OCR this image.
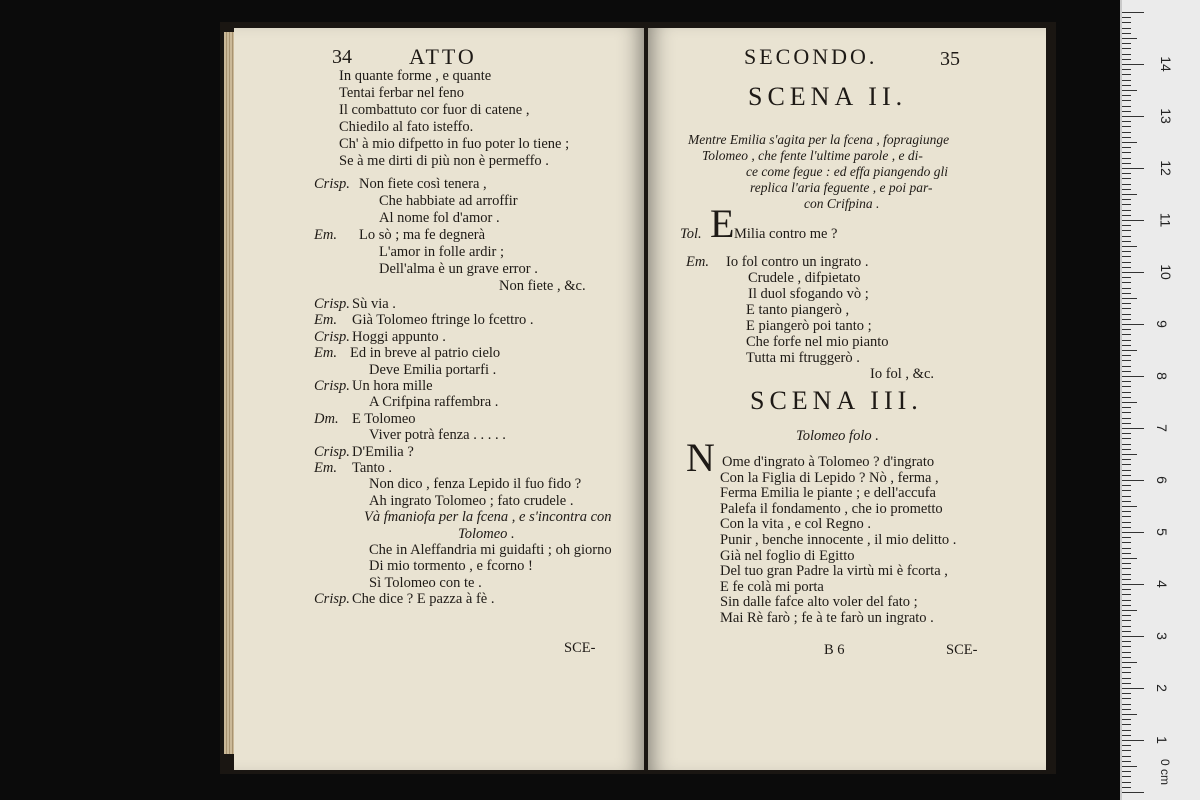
34	ATTO
In quante forme , e quante
Tentai ferbar nel feno
Il combattuto cor fuor di catene ,
Chiedilo al fato isteffo.
Ch' à mio difpetto in fuo poter lo tiene ;
Se à me dirti di più non è permeffo .
Crisp. Non fiete così tenera ,
Che habbiate ad arroffir
Al nome fol d'amor .
Em. Lo sò ; ma fe degnerà
L'amor in folle ardir ;
Dell'alma è un grave error .
Non fiete , &c.
Crisp. Sù via .
Em. Già Tolomeo ftringe lo fcettro .
Crisp. Hoggi appunto .
Em. Ed in breve al patrio cielo
Deve Emilia portarfi .
Crisp. Un hora mille
A Crifpina raffembra .
Dm. E Tolomeo
Viver potrà fenza . . . . .
Crisp. D'Emilia ?
Em. Tanto .
Non dico , fenza Lepido il fuo fido ?
Ah ingrato Tolomeo ; fato crudele .
Và fmaniofa per la fcena , e s'incontra con
Tolomeo .
Che in Aleffandria mi guidafti ; oh giorno
Di mio tormento , e fcorno !
Sì Tolomeo con te .
Crisp. Che dice ? E pazza à fè .
SCE-
SECONDO.	35
SCENA II.
Mentre Emilia s'agita per la fcena , fopragiunge
Tolomeo , che fente l'ultime parole , e di-
ce come fegue : ed effa piangendo gli
replica l'aria feguente , e poi par-
con Crifpina .
Tol. E Milia contro me ?
Em. Io fol contro un ingrato .
Crudele , difpietato
Il duol sfogando vò ;
E tanto piangerò ,
E piangerò poi tanto ;
Che forfe nel mio pianto
Tutta mi ftruggerò .
Io fol , &c.
SCENA III.
Tolomeo folo .
N Ome d'ingrato à Tolomeo ? d'ingrato
Con la Figlia di Lepido ? Nò , ferma ,
Ferma Emilia le piante ; e dell'accufa
Palefa il fondamento , che io prometto
Con la vita , e col Regno .
Punir , benche innocente , il mio delitto .
Già nel foglio di Egitto
Del tuo gran Padre la virtù mi è fcorta ,
E fe colà mi porta
Sin dalle fafce alto voler del fato ;
Mai Rè farò ; fe à te farò un ingrato .
B 6	SCE-
0 cm
1
2
3
4
5
6
7
8
9
10
11
12
13
14
